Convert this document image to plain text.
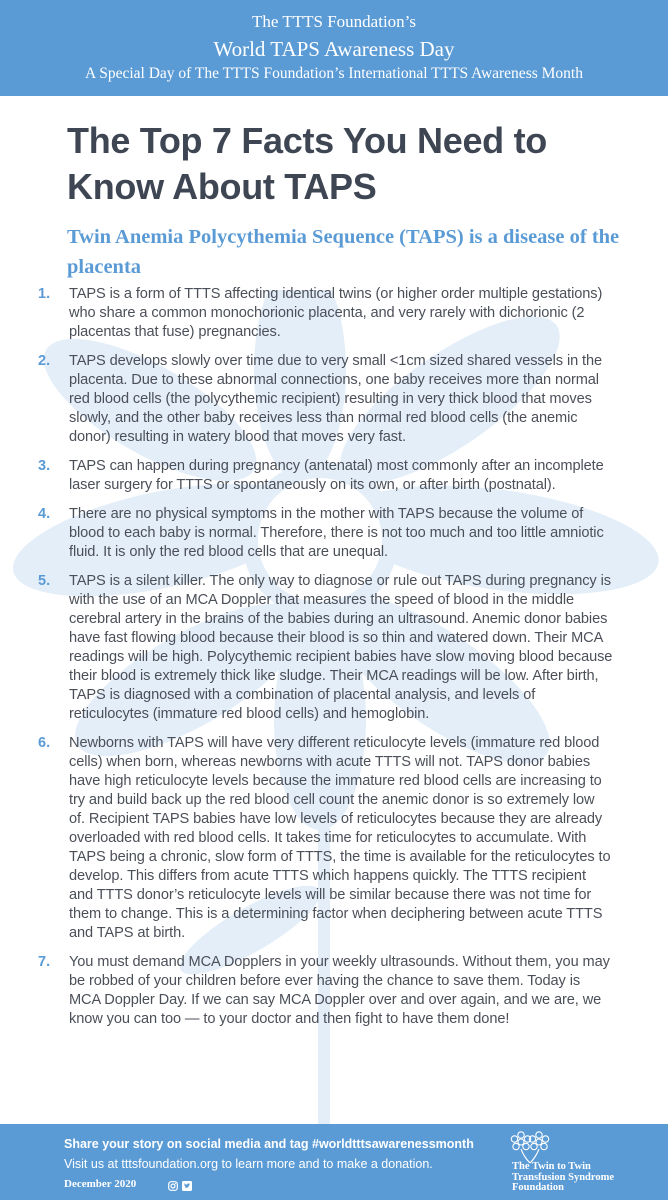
The TTTS Foundation’s
World TAPS Awareness Day
A Special Day of The TTTS Foundation’s International TTTS Awareness Month
The Top 7 Facts You Need to Know About TAPS
Twin Anemia Polycythemia Sequence (TAPS) is a disease of the placenta
1.	TAPS is a form of TTTS affecting identical twins (or higher order multiple gestations) who share a common monochorionic placenta, and very rarely with dichorionic (2 placentas that fuse) pregnancies.
2.	TAPS develops slowly over time due to very small <1cm sized shared vessels in the placenta. Due to these abnormal connections, one baby receives more than normal red blood cells (the polycythemic recipient) resulting in very thick blood that moves slowly, and the other baby receives less than normal red blood cells (the anemic donor) resulting in watery blood that moves very fast.
3.	TAPS can happen during pregnancy (antenatal) most commonly after an incomplete laser surgery for TTTS or spontaneously on its own, or after birth (postnatal).
4.	There are no physical symptoms in the mother with TAPS because the volume of blood to each baby is normal. Therefore, there is not too much and too little amniotic fluid. It is only the red blood cells that are unequal.
5.	TAPS is a silent killer. The only way to diagnose or rule out TAPS during pregnancy is with the use of an MCA Doppler that measures the speed of blood in the middle cerebral artery in the brains of the babies during an ultrasound. Anemic donor babies have fast flowing blood because their blood is so thin and watered down. Their MCA readings will be high. Polycythemic recipient babies have slow moving blood because their blood is extremely thick like sludge. Their MCA readings will be low. After birth, TAPS is diagnosed with a combination of placental analysis, and levels of reticulocytes (immature red blood cells) and hemoglobin.
6.	Newborns with TAPS will have very different reticulocyte levels (immature red blood cells) when born, whereas newborns with acute TTTS will not. TAPS donor babies have high reticulocyte levels because the immature red blood cells are increasing to try and build back up the red blood cell count the anemic donor is so extremely low of. Recipient TAPS babies have low levels of reticulocytes because they are already overloaded with red blood cells. It takes time for reticulocytes to accumulate. With TAPS being a chronic, slow form of TTTS, the time is available for the reticulocytes to develop. This differs from acute TTTS which happens quickly. The TTTS recipient and TTTS donor’s reticulocyte levels will be similar because there was not time for them to change. This is a determining factor when deciphering between acute TTTS and TAPS at birth.
7.	You must demand MCA Dopplers in your weekly ultrasounds. Without them, you may be robbed of your children before ever having the chance to save them. Today is MCA Doppler Day. If we can say MCA Doppler over and over again, and we are, we know you can too — to your doctor and then fight to have them done!
Share your story on social media and tag #worldtttsawarenessmonth
Visit us at tttsfoundation.org to learn more and to make a donation.
December 2020
The Twin to Twin
Transfusion Syndrome
Foundation
